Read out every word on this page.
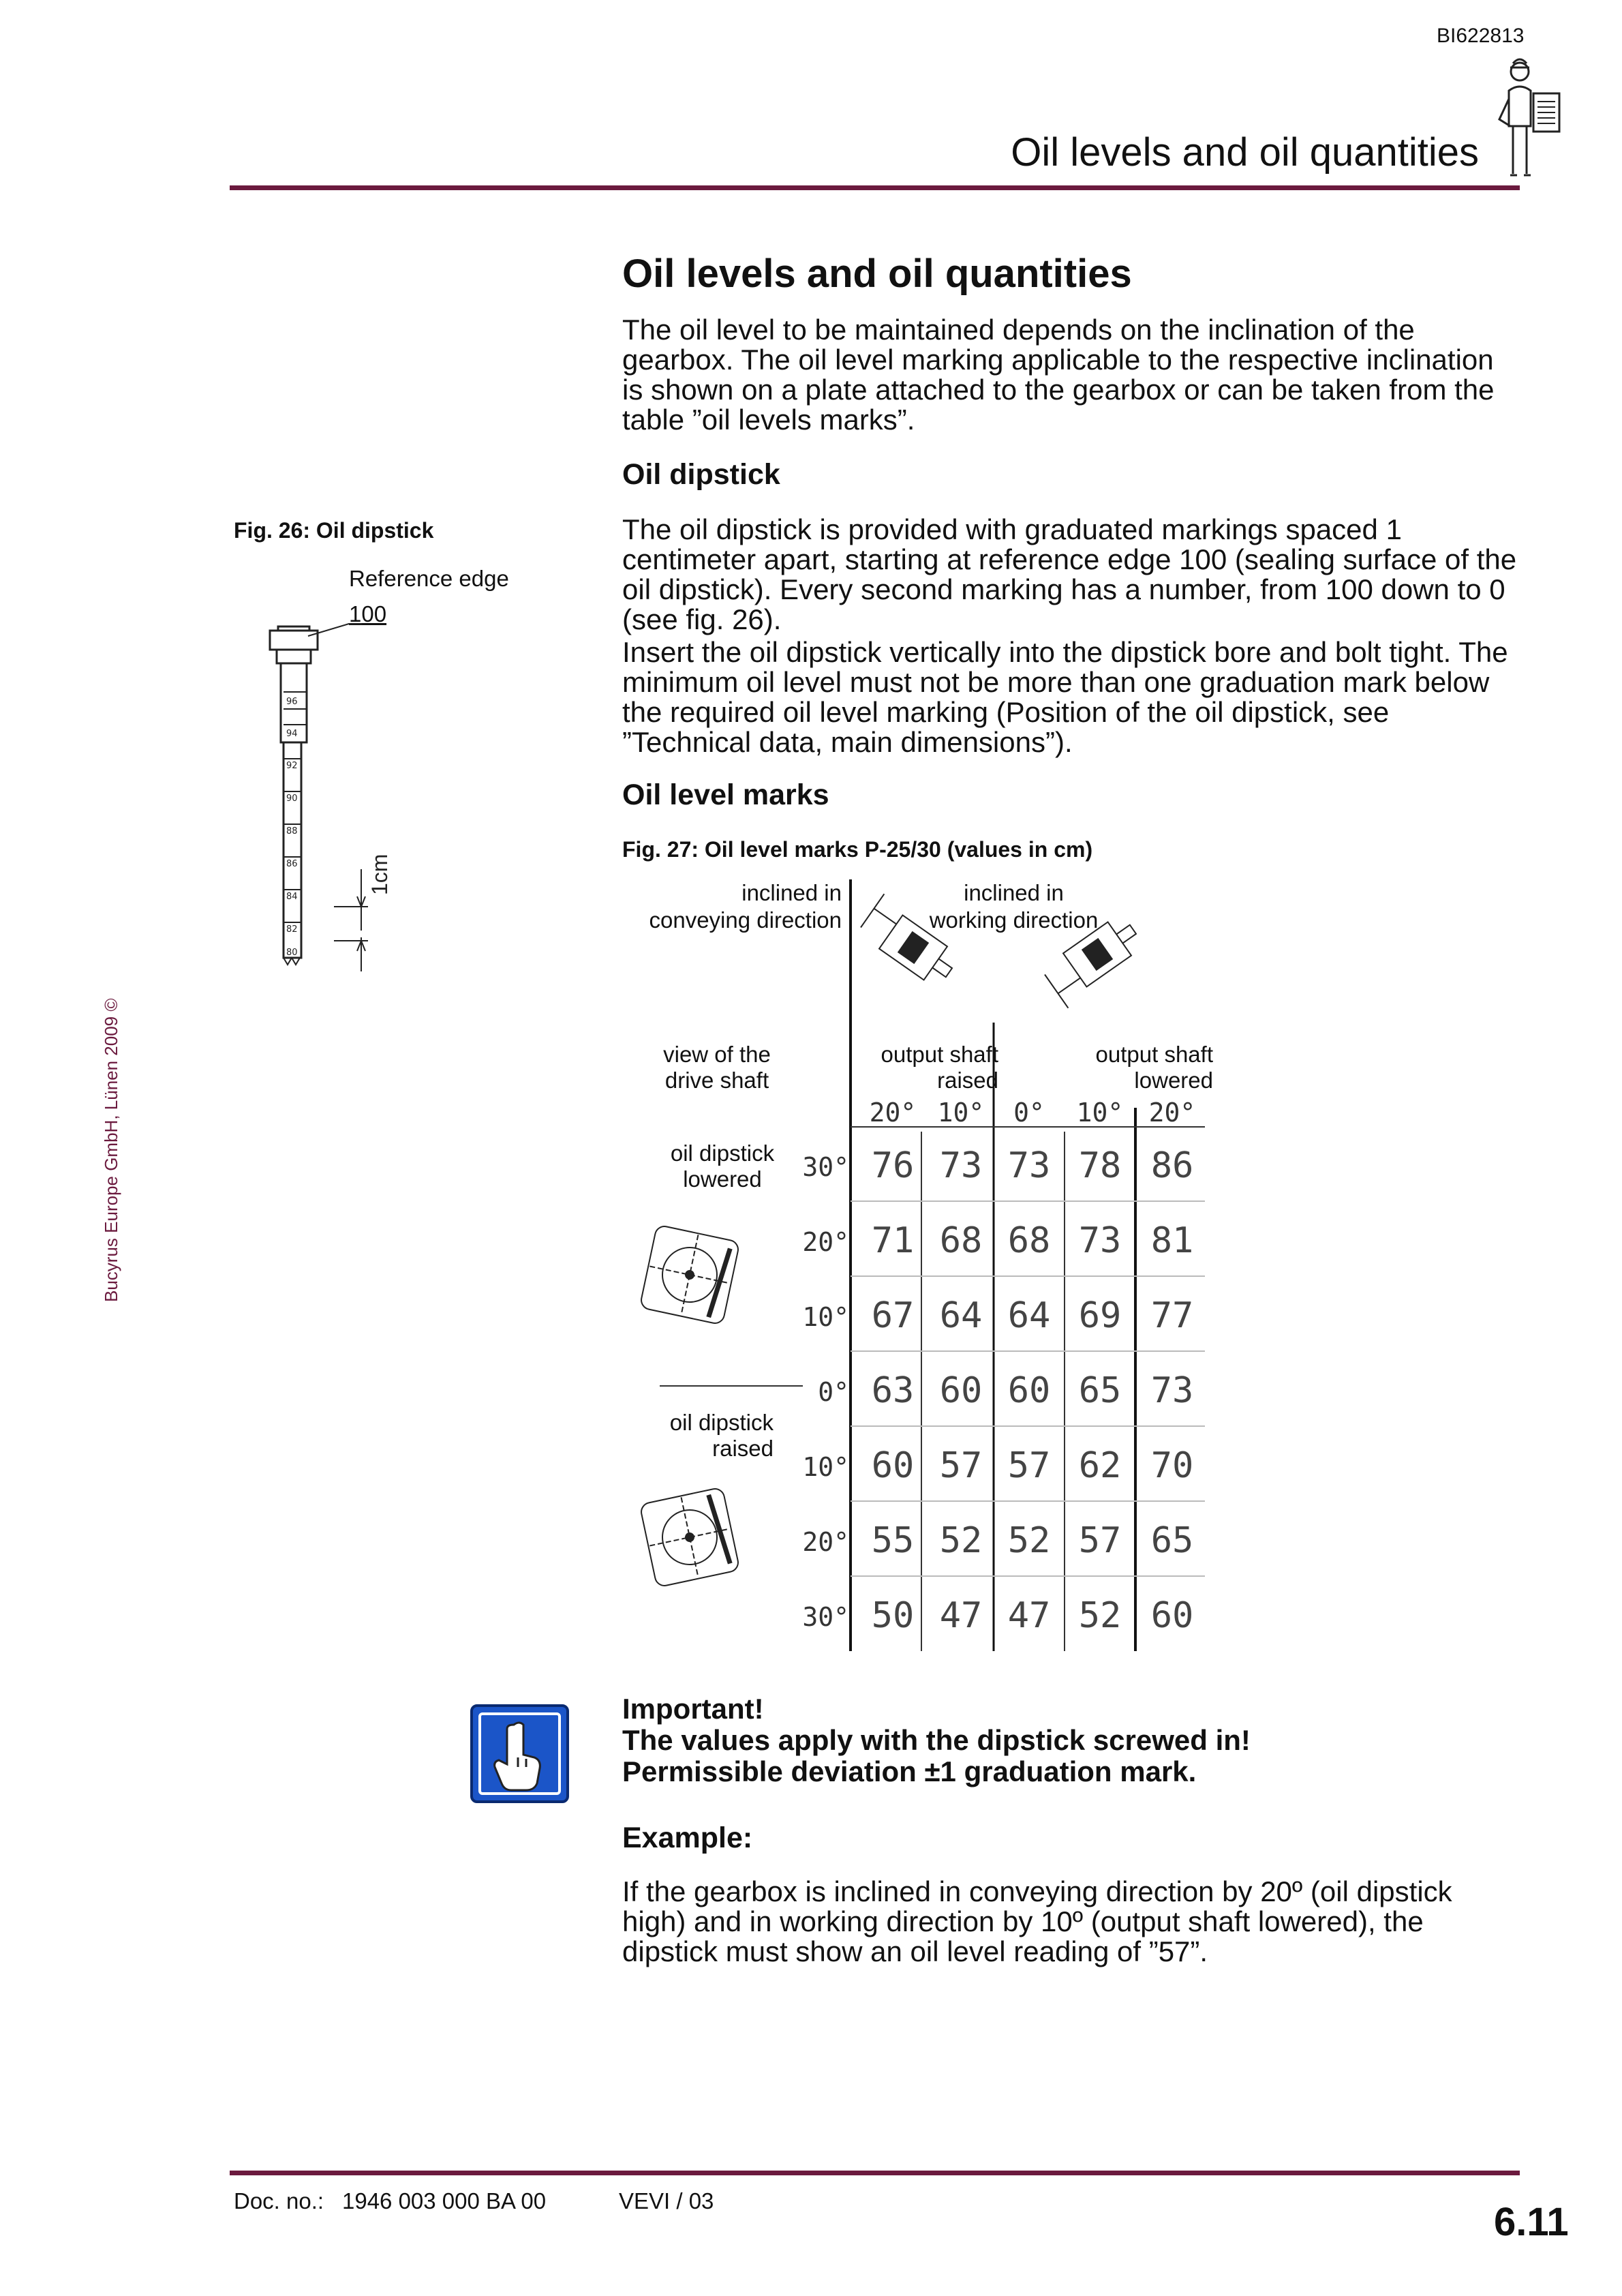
BI622813
Oil levels and oil quantities
Bucyrus Europe GmbH, Lünen 2009 ©
Oil levels and oil quantities
The oil level to be maintained depends on the inclination of the gearbox. The oil level marking applicable to the respective inclination is shown on a plate attached to the gearbox or can be taken from the table ”oil levels marks”.
Oil dipstick
The oil dipstick is provided with graduated markings spaced 1 centimeter apart, starting at reference edge 100 (sealing surface of the oil dipstick). Every second marking has a number, from 100 down to 0 (see fig. 26).
Insert the oil dipstick vertically into the dipstick bore and bolt tight. The minimum oil level must not be more than one graduation mark below the required oil level marking (Position of the oil dipstick, see ”Technical data, main dimensions”).
Fig. 26: Oil dipstick
Reference edge
100
96
94
92
90
88
86
84
82
80
1cm
Oil level marks
Fig. 27: Oil level marks P-25/30 (values in cm)
inclined in
conveying direction
inclined in
working direction
view of the
drive shaft
output shaft
raised
output shaft
lowered
oil dipstick
lowered
oil dipstick
raised
20° 10°	0°	10° 20°
30° 76 73 73 78 86
20° 71 68 68 73 81
10° 67 64 64 69 77
0° 63 60 60 65 73
10° 60 57 57 62 70
20° 55 52 52 57 65
30° 50 47 47 52 60
Important!
The values apply with the dipstick screwed in!
Permissible deviation ±1 graduation mark.
Example:
If the gearbox is inclined in conveying direction by 20º (oil dipstick high) and in working direction by 10º (output shaft lowered), the dipstick must show an oil level reading of ”57”.
Doc. no.: 1946 003 000 BA 00	VEVI / 03	6.11
